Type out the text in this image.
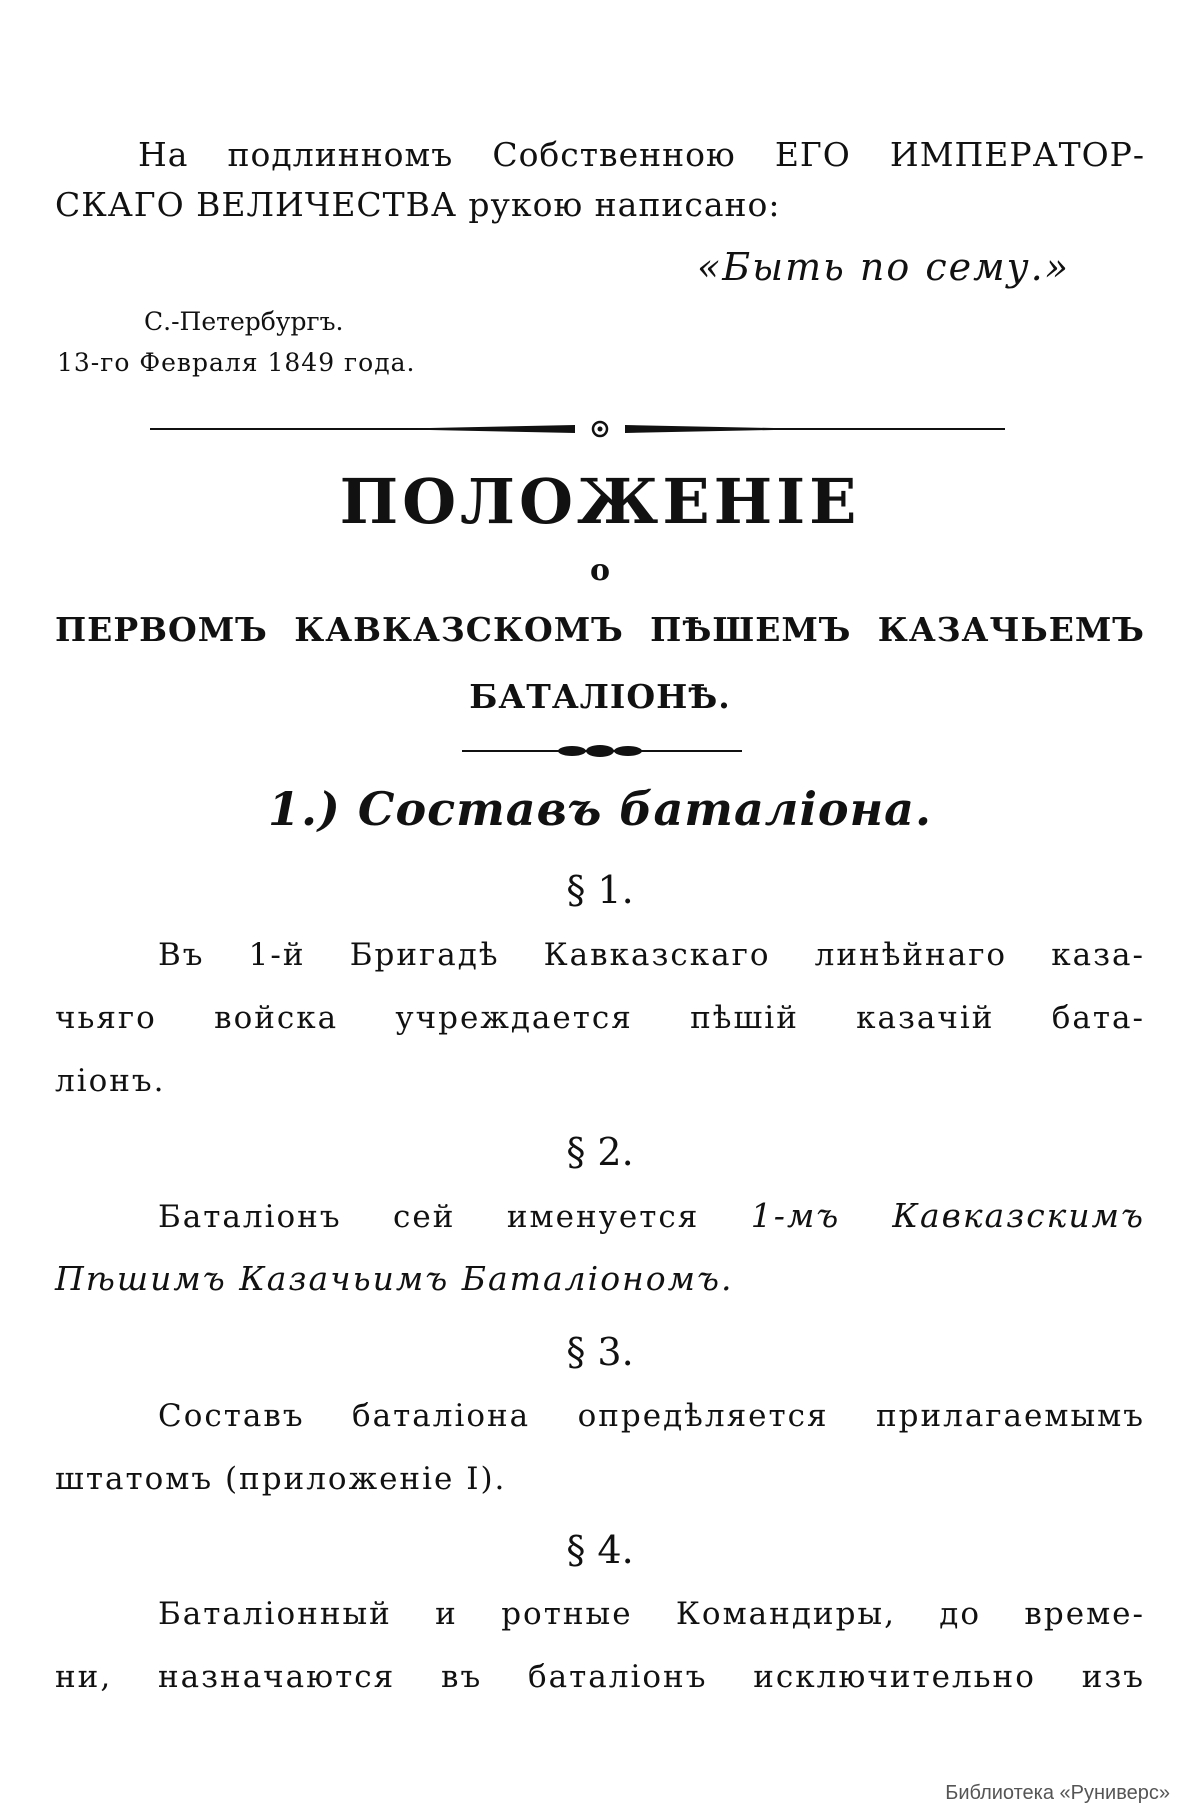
На подлинномъ Собственною ЕГО ИМПЕРАТОР-
СКАГО ВЕЛИЧЕСТВА рукою написано:
«Быть по сему.»
С.-Петербургъ.
13-го Февраля 1849 года.
ПОЛОЖЕНІЕ
о
ПЕРВОМЪ КАВКАЗСКОМЪ ПѢШЕМЪ КАЗАЧЬЕМЪ
БАТАЛІОНѢ.
1.) Составъ баталіона.
§ 1.
Въ 1-й Бригадѣ Кавказскаго линѣйнаго каза-
чьяго войска учреждается пѣшій казачій бата-
ліонъ.
§ 2.
Баталіонъ сей именуется 1-мъ Кавказскимъ
Пѣшимъ Казачьимъ Баталіономъ.
§ 3.
Составъ баталіона опредѣляется прилагаемымъ
штатомъ (приложеніе I).
§ 4.
Баталіонный и ротные Командиры, до време-
ни, назначаются въ баталіонъ исключительно изъ
Библиотека «Руниверс»
